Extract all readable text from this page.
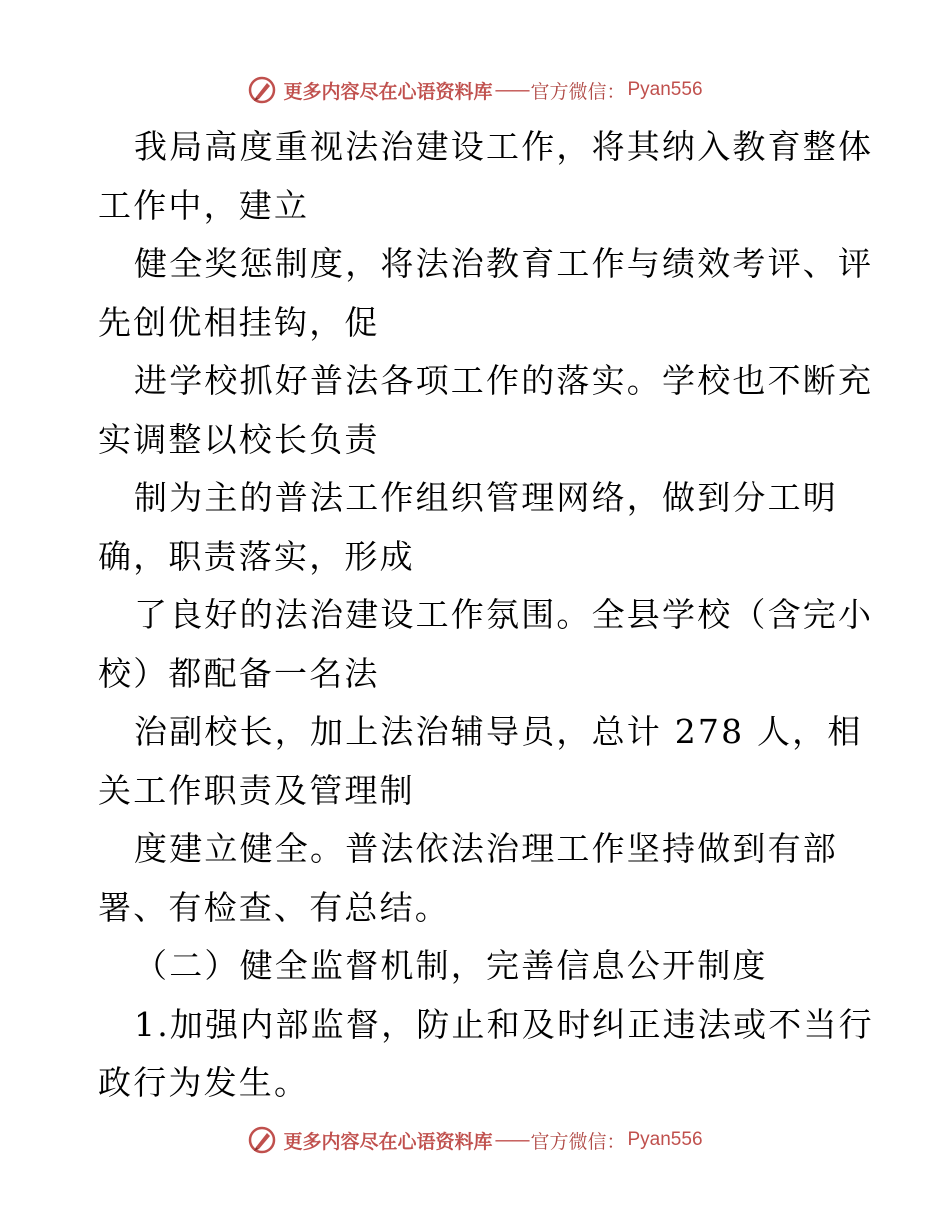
更多内容尽在心语资料库 —— 官方微信： Pyan556
我局高度重视法治建设工作，将其纳入教育整体
工作中，建立
健全奖惩制度，将法治教育工作与绩效考评、评
先创优相挂钩，促
进学校抓好普法各项工作的落实。学校也不断充
实调整以校长负责
制为主的普法工作组织管理网络，做到分工明
确，职责落实，形成
了良好的法治建设工作氛围。全县学校（含完小
校）都配备一名法
治副校长，加上法治辅导员，总计 278 人，相
关工作职责及管理制
度建立健全。普法依法治理工作坚持做到有部
署、有检查、有总结。
（二）健全监督机制，完善信息公开制度
1.加强内部监督，防止和及时纠正违法或不当行
政行为发生。
更多内容尽在心语资料库 —— 官方微信： Pyan556
